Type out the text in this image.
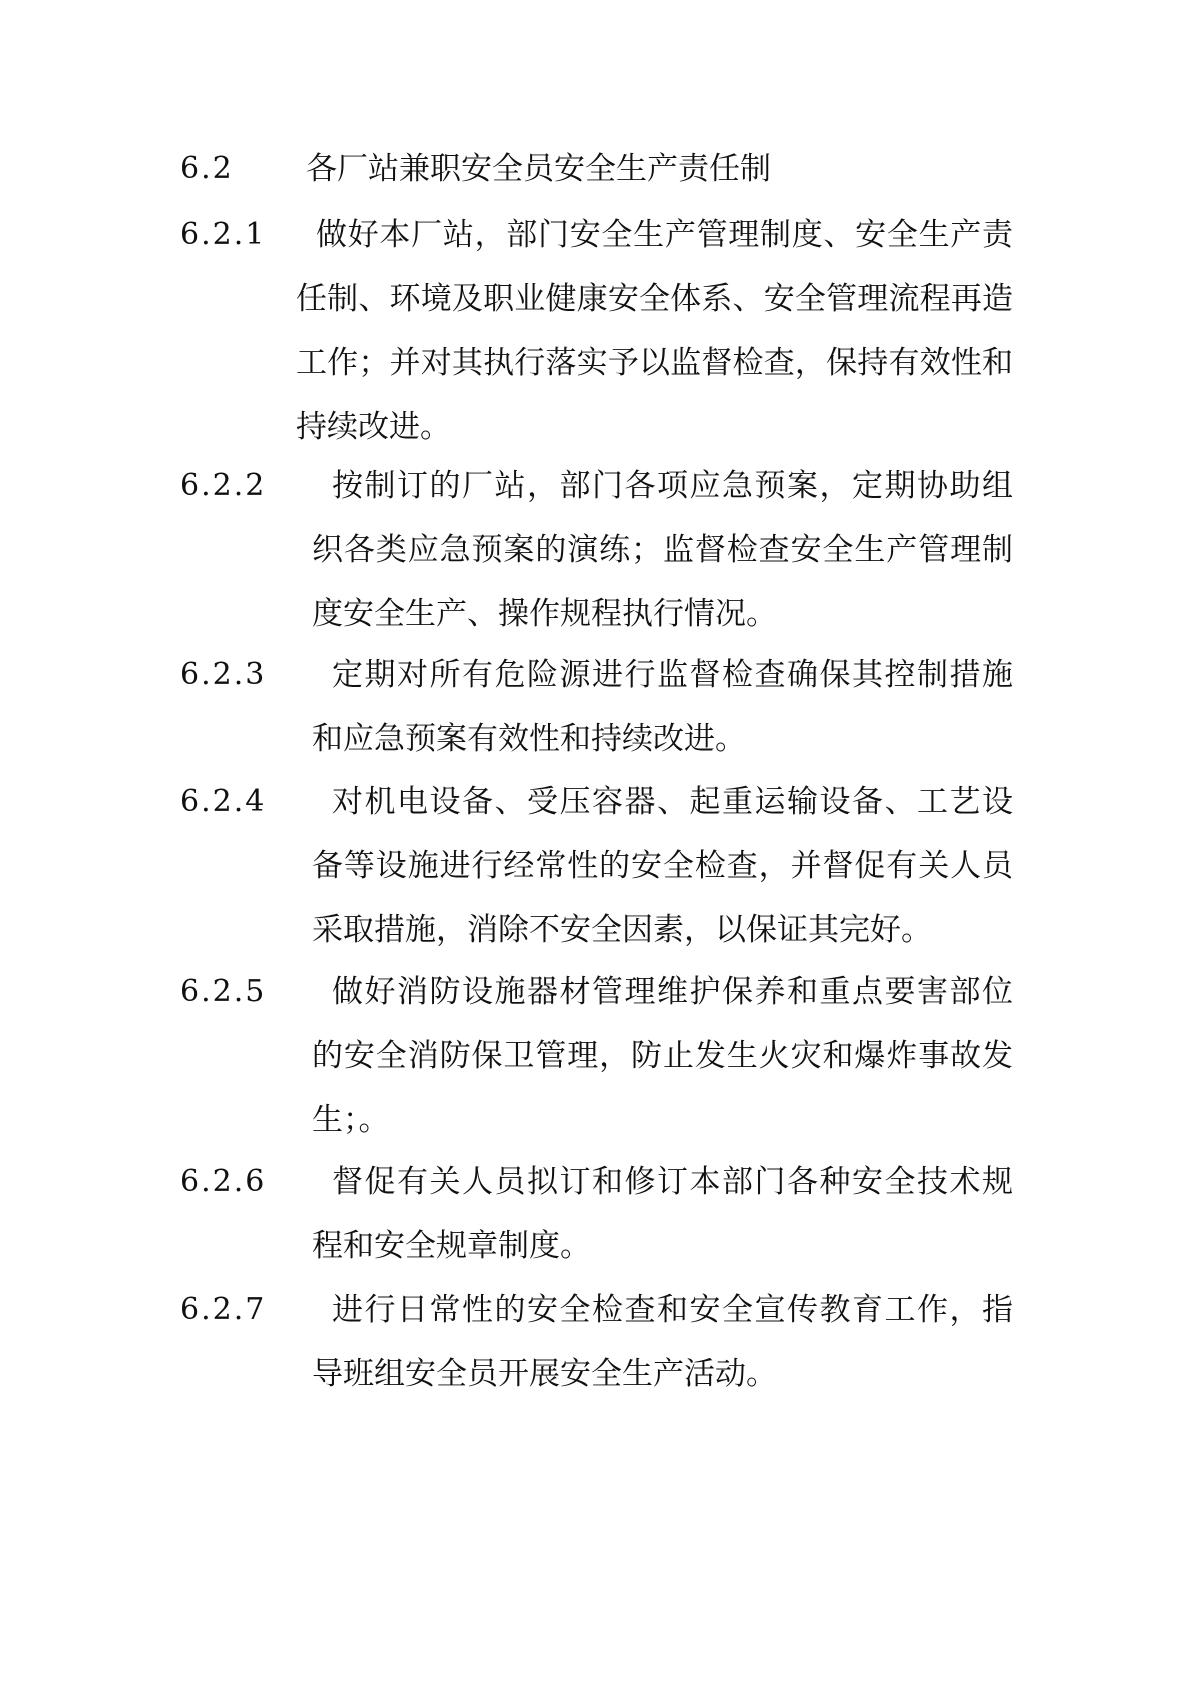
6.2 各厂站兼职安全员安全生产责任制
6.2.1	做好本厂站，部门安全生产管理制度、安全生产责任制、环境及职业健康安全体系、安全管理流程再造工作；并对其执行落实予以监督检查，保持有效性和持续改进。
6.2.2	按制订的厂站，部门各项应急预案，定期协助组织各类应急预案的演练；监督检查安全生产管理制度安全生产、操作规程执行情况。
6.2.3	定期对所有危险源进行监督检查确保其控制措施和应急预案有效性和持续改进。
6.2.4	对机电设备、受压容器、起重运输设备、工艺设备等设施进行经常性的安全检查，并督促有关人员采取措施，消除不安全因素，以保证其完好。
6.2.5	做好消防设施器材管理维护保养和重点要害部位的安全消防保卫管理，防止发生火灾和爆炸事故发生；。
6.2.6	督促有关人员拟订和修订本部门各种安全技术规程和安全规章制度。
6.2.7	进行日常性的安全检查和安全宣传教育工作，指导班组安全员开展安全生产活动。
